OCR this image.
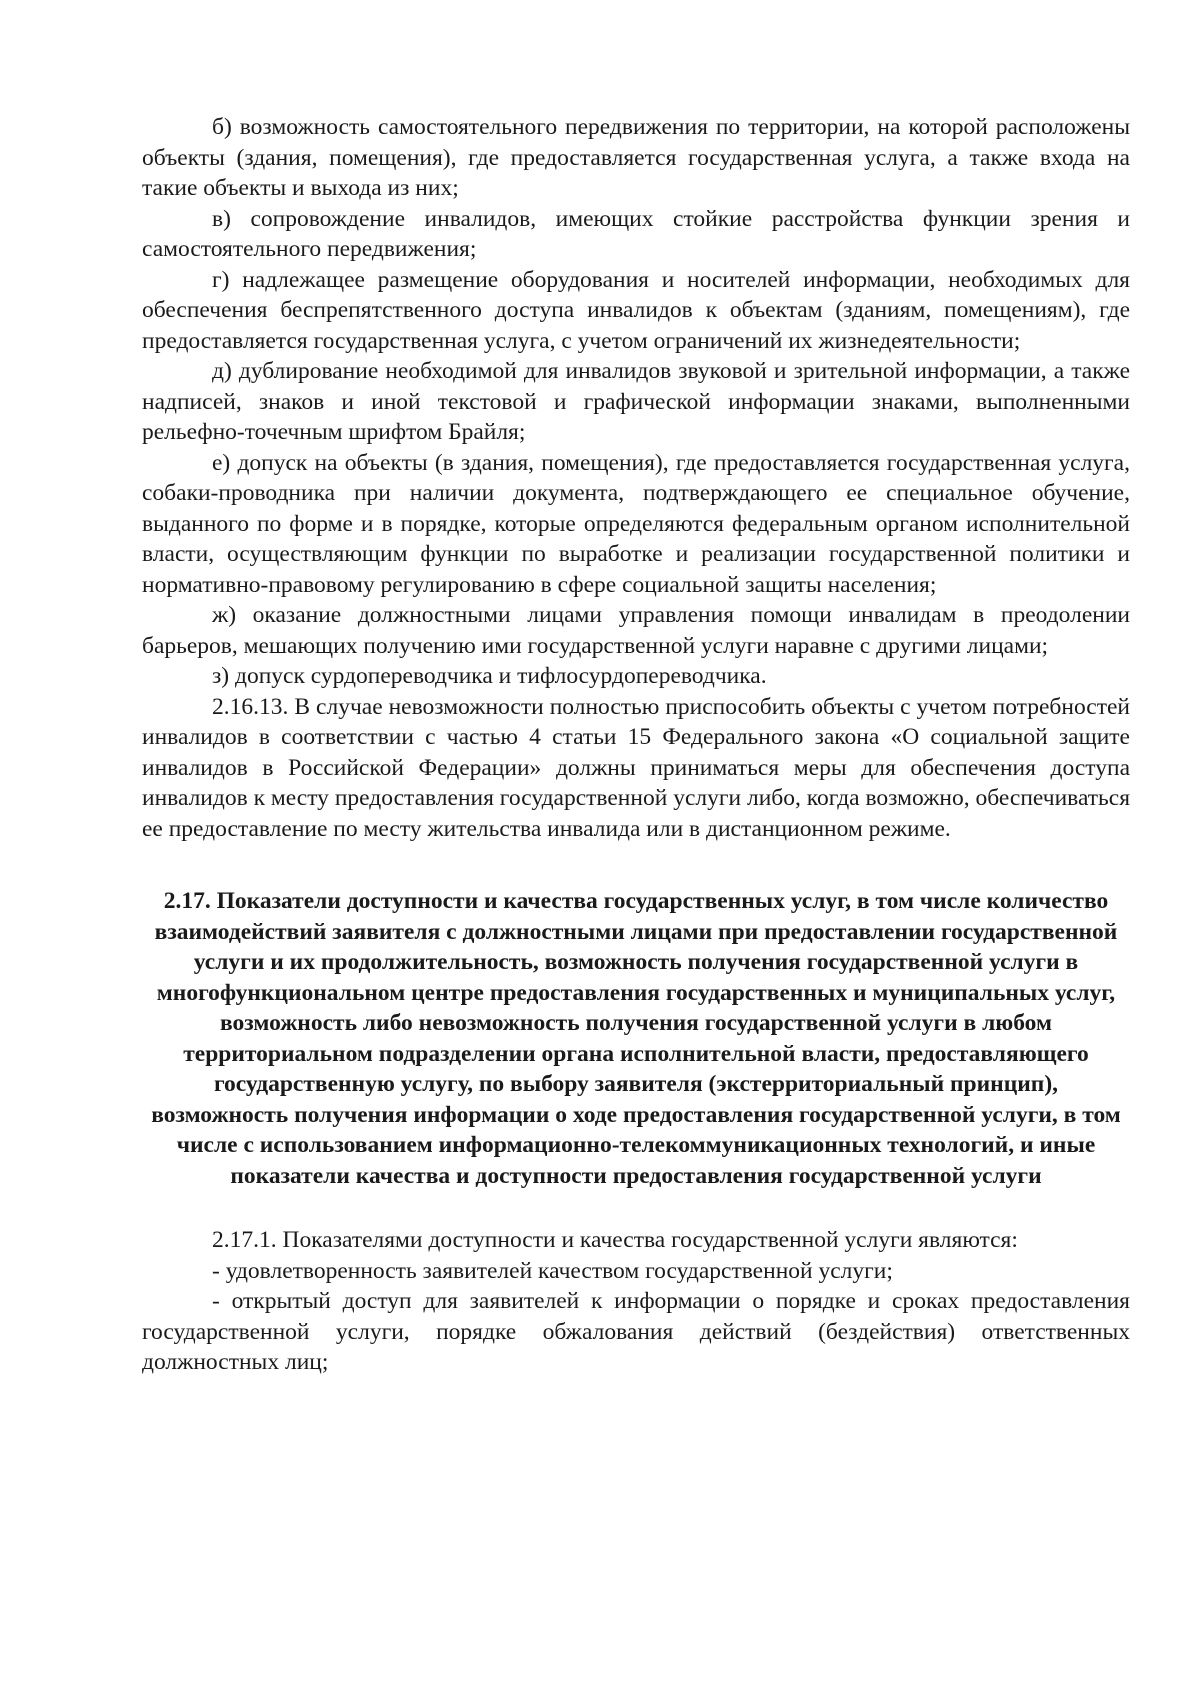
б) возможность самостоятельного передвижения по территории, на которой расположены объекты (здания, помещения), где предоставляется государственная услуга, а также входа на такие объекты и выхода из них;

в) сопровождение инвалидов, имеющих стойкие расстройства функции зрения и самостоятельного передвижения;

г) надлежащее размещение оборудования и носителей информации, необходимых для обеспечения беспрепятственного доступа инвалидов к объектам (зданиям, помещениям), где предоставляется государственная услуга, с учетом ограничений их жизнедеятельности;

д) дублирование необходимой для инвалидов звуковой и зрительной информации, а также надписей, знаков и иной текстовой и графической информации знаками, выполненными рельефно-точечным шрифтом Брайля;

е) допуск на объекты (в здания, помещения), где предоставляется государственная услуга, собаки-проводника при наличии документа, подтверждающего ее специальное обучение, выданного по форме и в порядке, которые определяются федеральным органом исполнительной власти, осуществляющим функции по выработке и реализации государственной политики и нормативно-правовому регулированию в сфере социальной защиты населения;

ж) оказание должностными лицами управления помощи инвалидам в преодолении барьеров, мешающих получению ими государственной услуги наравне с другими лицами;

з) допуск сурдопереводчика и тифлосурдопереводчика.

2.16.13. В случае невозможности полностью приспособить объекты с учетом потребностей инвалидов в соответствии с частью 4 статьи 15 Федерального закона «О социальной защите инвалидов в Российской Федерации» должны приниматься меры для обеспечения доступа инвалидов к месту предоставления государственной услуги либо, когда возможно, обеспечиваться ее предоставление по месту жительства инвалида или в дистанционном режиме.

2.17. Показатели доступности и качества государственных услуг, в том числе количество взаимодействий заявителя с должностными лицами при предоставлении государственной услуги и их продолжительность, возможность получения государственной услуги в многофункциональном центре предоставления государственных и муниципальных услуг, возможность либо невозможность получения государственной услуги в любом территориальном подразделении органа исполнительной власти, предоставляющего государственную услугу, по выбору заявителя (экстерриториальный принцип), возможность получения информации о ходе предоставления государственной услуги, в том числе с использованием информационно-телекоммуникационных технологий, и иные показатели качества и доступности предоставления государственной услуги

2.17.1. Показателями доступности и качества государственной услуги являются:

- удовлетворенность заявителей качеством государственной услуги;

- открытый доступ для заявителей к информации о порядке и сроках предоставления государственной услуги, порядке обжалования действий (бездействия) ответственных должностных лиц;
